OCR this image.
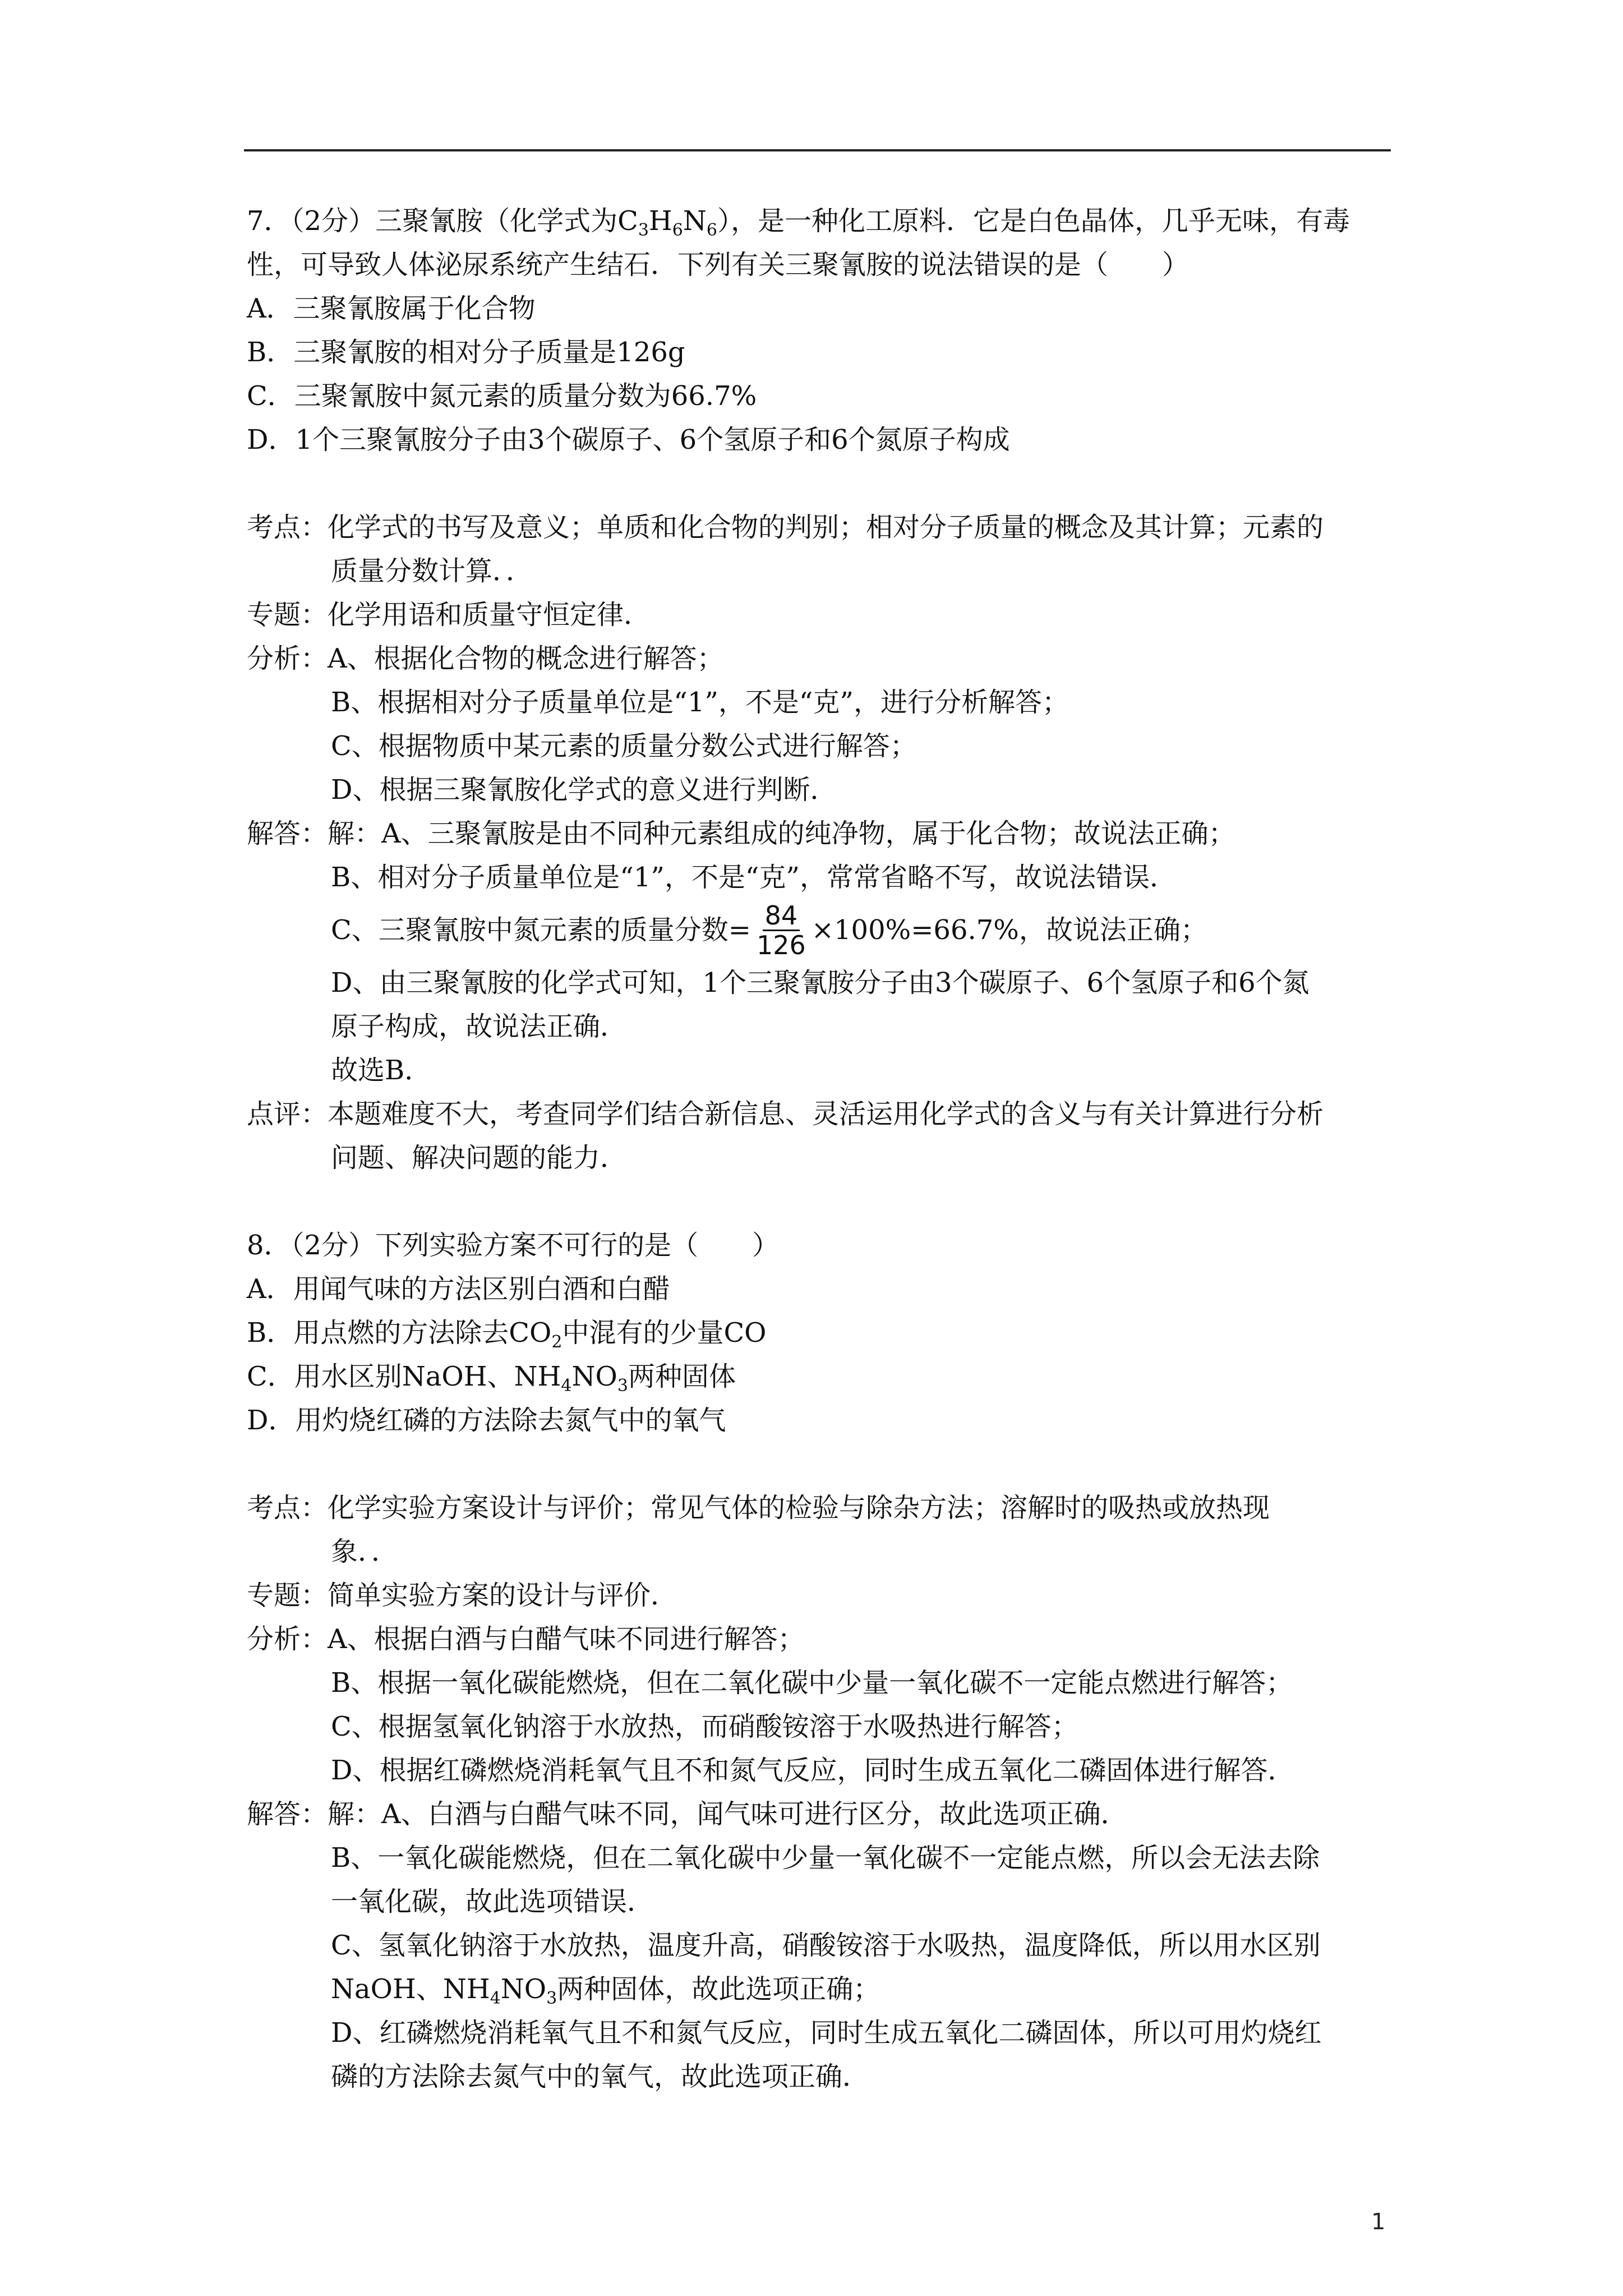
7．（2分）三聚氰胺（化学式为$C_3H_6N_6$），是一种化工原料．它是白色晶体，几乎无味，有毒
性，可导致人体泌尿系统产生结石．下列有关三聚氰胺的说法错误的是（　　）
A．三聚氰胺属于化合物
B．三聚氰胺的相对分子质量是126g
C．三聚氰胺中氮元素的质量分数为66.7%
D．1个三聚氰胺分子由3个碳原子、6个氢原子和6个氮原子构成
考点：化学式的书写及意义；单质和化合物的判别；相对分子质量的概念及其计算；元素的
质量分数计算．．
专题：化学用语和质量守恒定律．
分析：A、根据化合物的概念进行解答；
B、根据相对分子质量单位是“1”，不是“克”，进行分析解答；
C、根据物质中某元素的质量分数公式进行解答；
D、根据三聚氰胺化学式的意义进行判断．
解答：解：A、三聚氰胺是由不同种元素组成的纯净物，属于化合物；故说法正确；
B、相对分子质量单位是“1”，不是“克”，常常省略不写，故说法错误．
C、三聚氰胺中氮元素的质量分数= $\frac{84}{126} \times 100\%=66.7\%$，故说法正确；
D、由三聚氰胺的化学式可知，1个三聚氰胺分子由3个碳原子、6个氢原子和6个氮
原子构成，故说法正确．
故选B．
点评：本题难度不大，考查同学们结合新信息、灵活运用化学式的含义与有关计算进行分析
问题、解决问题的能力．
8．（2分）下列实验方案不可行的是（　　）
A．用闻气味的方法区别白酒和白醋
B．用点燃的方法除去$CO_2$中混有的少量CO
C．用水区别NaOH、$NH_4NO_3$两种固体
D．用灼烧红磷的方法除去氮气中的氧气
考点：化学实验方案设计与评价；常见气体的检验与除杂方法；溶解时的吸热或放热现
象．．
专题：简单实验方案的设计与评价．
分析：A、根据白酒与白醋气味不同进行解答；
B、根据一氧化碳能燃烧，但在二氧化碳中少量一氧化碳不一定能点燃进行解答；
C、根据氢氧化钠溶于水放热，而硝酸铵溶于水吸热进行解答；
D、根据红磷燃烧消耗氧气且不和氮气反应，同时生成五氧化二磷固体进行解答．
解答：解：A、白酒与白醋气味不同，闻气味可进行区分，故此选项正确．
B、一氧化碳能燃烧，但在二氧化碳中少量一氧化碳不一定能点燃，所以会无法去除
一氧化碳，故此选项错误．
C、氢氧化钠溶于水放热，温度升高，硝酸铵溶于水吸热，温度降低，所以用水区别
NaOH、$NH_4NO_3$两种固体，故此选项正确；
D、红磷燃烧消耗氧气且不和氮气反应，同时生成五氧化二磷固体，所以可用灼烧红
磷的方法除去氮气中的氧气，故此选项正确．
1
